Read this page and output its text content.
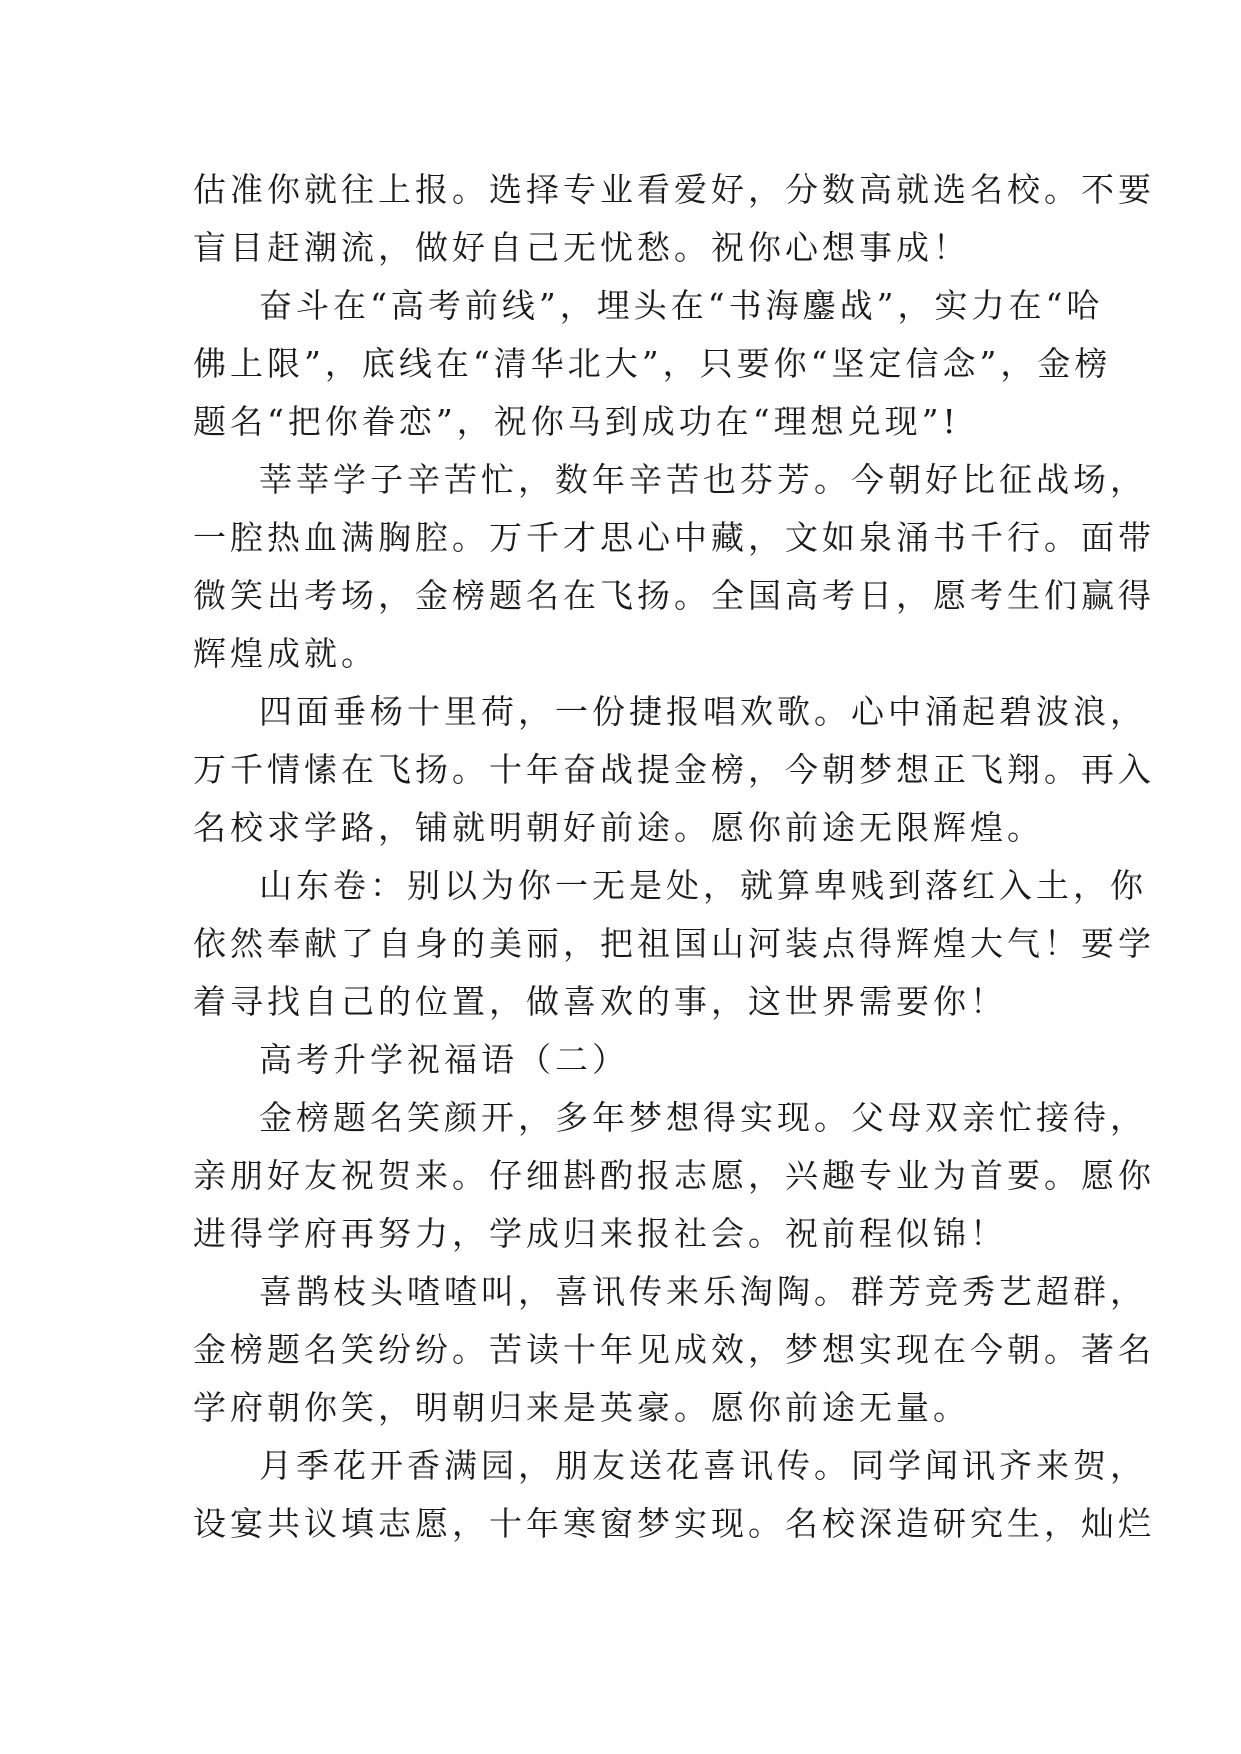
估准你就往上报。选择专业看爱好，分数高就选名校。不要
盲目赶潮流，做好自己无忧愁。祝你心想事成！
奋斗在“高考前线”，埋头在“书海鏖战”，实力在“哈
佛上限”，底线在“清华北大”，只要你“坚定信念”，金榜
题名“把你眷恋”，祝你马到成功在“理想兑现”!
莘莘学子辛苦忙，数年辛苦也芬芳。今朝好比征战场，
一腔热血满胸腔。万千才思心中藏，文如泉涌书千行。面带
微笑出考场，金榜题名在飞扬。全国高考日，愿考生们赢得
辉煌成就。
四面垂杨十里荷，一份捷报唱欢歌。心中涌起碧波浪，
万千情愫在飞扬。十年奋战提金榜，今朝梦想正飞翔。再入
名校求学路，铺就明朝好前途。愿你前途无限辉煌。
山东卷：别以为你一无是处，就算卑贱到落红入土，你
依然奉献了自身的美丽，把祖国山河装点得辉煌大气！要学
着寻找自己的位置，做喜欢的事，这世界需要你！
高考升学祝福语（二）
金榜题名笑颜开，多年梦想得实现。父母双亲忙接待，
亲朋好友祝贺来。仔细斟酌报志愿，兴趣专业为首要。愿你
进得学府再努力，学成归来报社会。祝前程似锦！
喜鹊枝头喳喳叫，喜讯传来乐淘陶。群芳竞秀艺超群，
金榜题名笑纷纷。苦读十年见成效，梦想实现在今朝。著名
学府朝你笑，明朝归来是英豪。愿你前途无量。
月季花开香满园，朋友送花喜讯传。同学闻讯齐来贺，
设宴共议填志愿，十年寒窗梦实现。名校深造研究生，灿烂
